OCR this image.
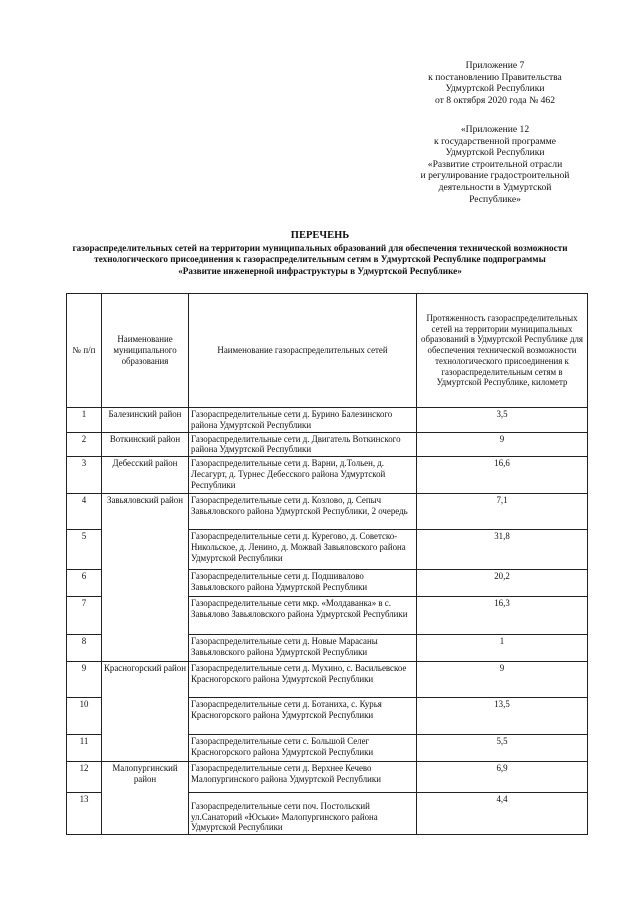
Приложение 7
к постановлению Правительства
Удмуртской Республики
от 8 октября 2020 года № 462
«Приложение 12
к государственной программе
Удмуртской Республики
«Развитие строительной отрасли
и регулирование градостроительной
деятельности в Удмуртской
Республике»
ПЕРЕЧЕНЬ
газораспределительных сетей на территории муниципальных образований для обеспечения технической возможности
технологического присоединения к газораспределительным сетям в Удмуртской Республике подпрограммы
«Развитие инженерной инфраструктуры в Удмуртской Республике»
№ п/п	Наименование муниципального образования	Наименование газораспределительных сетей	Протяженность газораспределительных сетей на территории муниципальных образований в Удмуртской Республике для обеспечения технической возможности технологического присоединения к газораспределительным сетям в Удмуртской Республике, километр
1	Балезинский район	Газораспределительные сети д. Бурино Балезинского района Удмуртской Республики	3,5
2	Воткинский район	Газораспределительные сети д. Двигатель Воткинского района Удмуртской Республики	9
3	Дебесский район	Газораспределительные сети д. Варни, д.Тольен, д. Лесагурт, д. Турнес Дебесского района Удмуртской Республики	16,6
4	Завьяловский район	Газораспределительные сети д. Козлово, д. Сепыч Завьяловского района Удмуртской Республики, 2 очередь	7,1
5		Газораспределительные сети д. Курегово, д. Советско-Никольское, д. Ленино, д. Можвай Завьяловского района Удмуртской Республики	31,8
6		Газораспределительные сети д. Подшивалово Завьяловского района Удмуртской Республики	20,2
7		Газораспределительные сети мкр. «Молдаванка» в с. Завьялово Завьяловского района Удмуртской Республики	16,3
8		Газораспределительные сети д. Новые Марасаны Завьяловского района Удмуртской Республики	1
9	Красногорский район	Газораспределительные сети д. Мухино, с. Васильевское Красногорского района Удмуртской Республики	9
10		Газораспределительные сети д. Ботаниха, с. Курья Красногорского района Удмуртской Республики	13,5
11		Газораспределительные сети с. Большой Селег Красногорского района Удмуртской Республики	5,5
12	Малопургинский район	Газораспределительные сети д. Верхнее Кечево Малопургинского района Удмуртской Республики	6,9
13		Газораспределительные сети поч. Постольский ул.Санаторий «Юськи» Малопургинского района Удмуртской Республики	4,4
